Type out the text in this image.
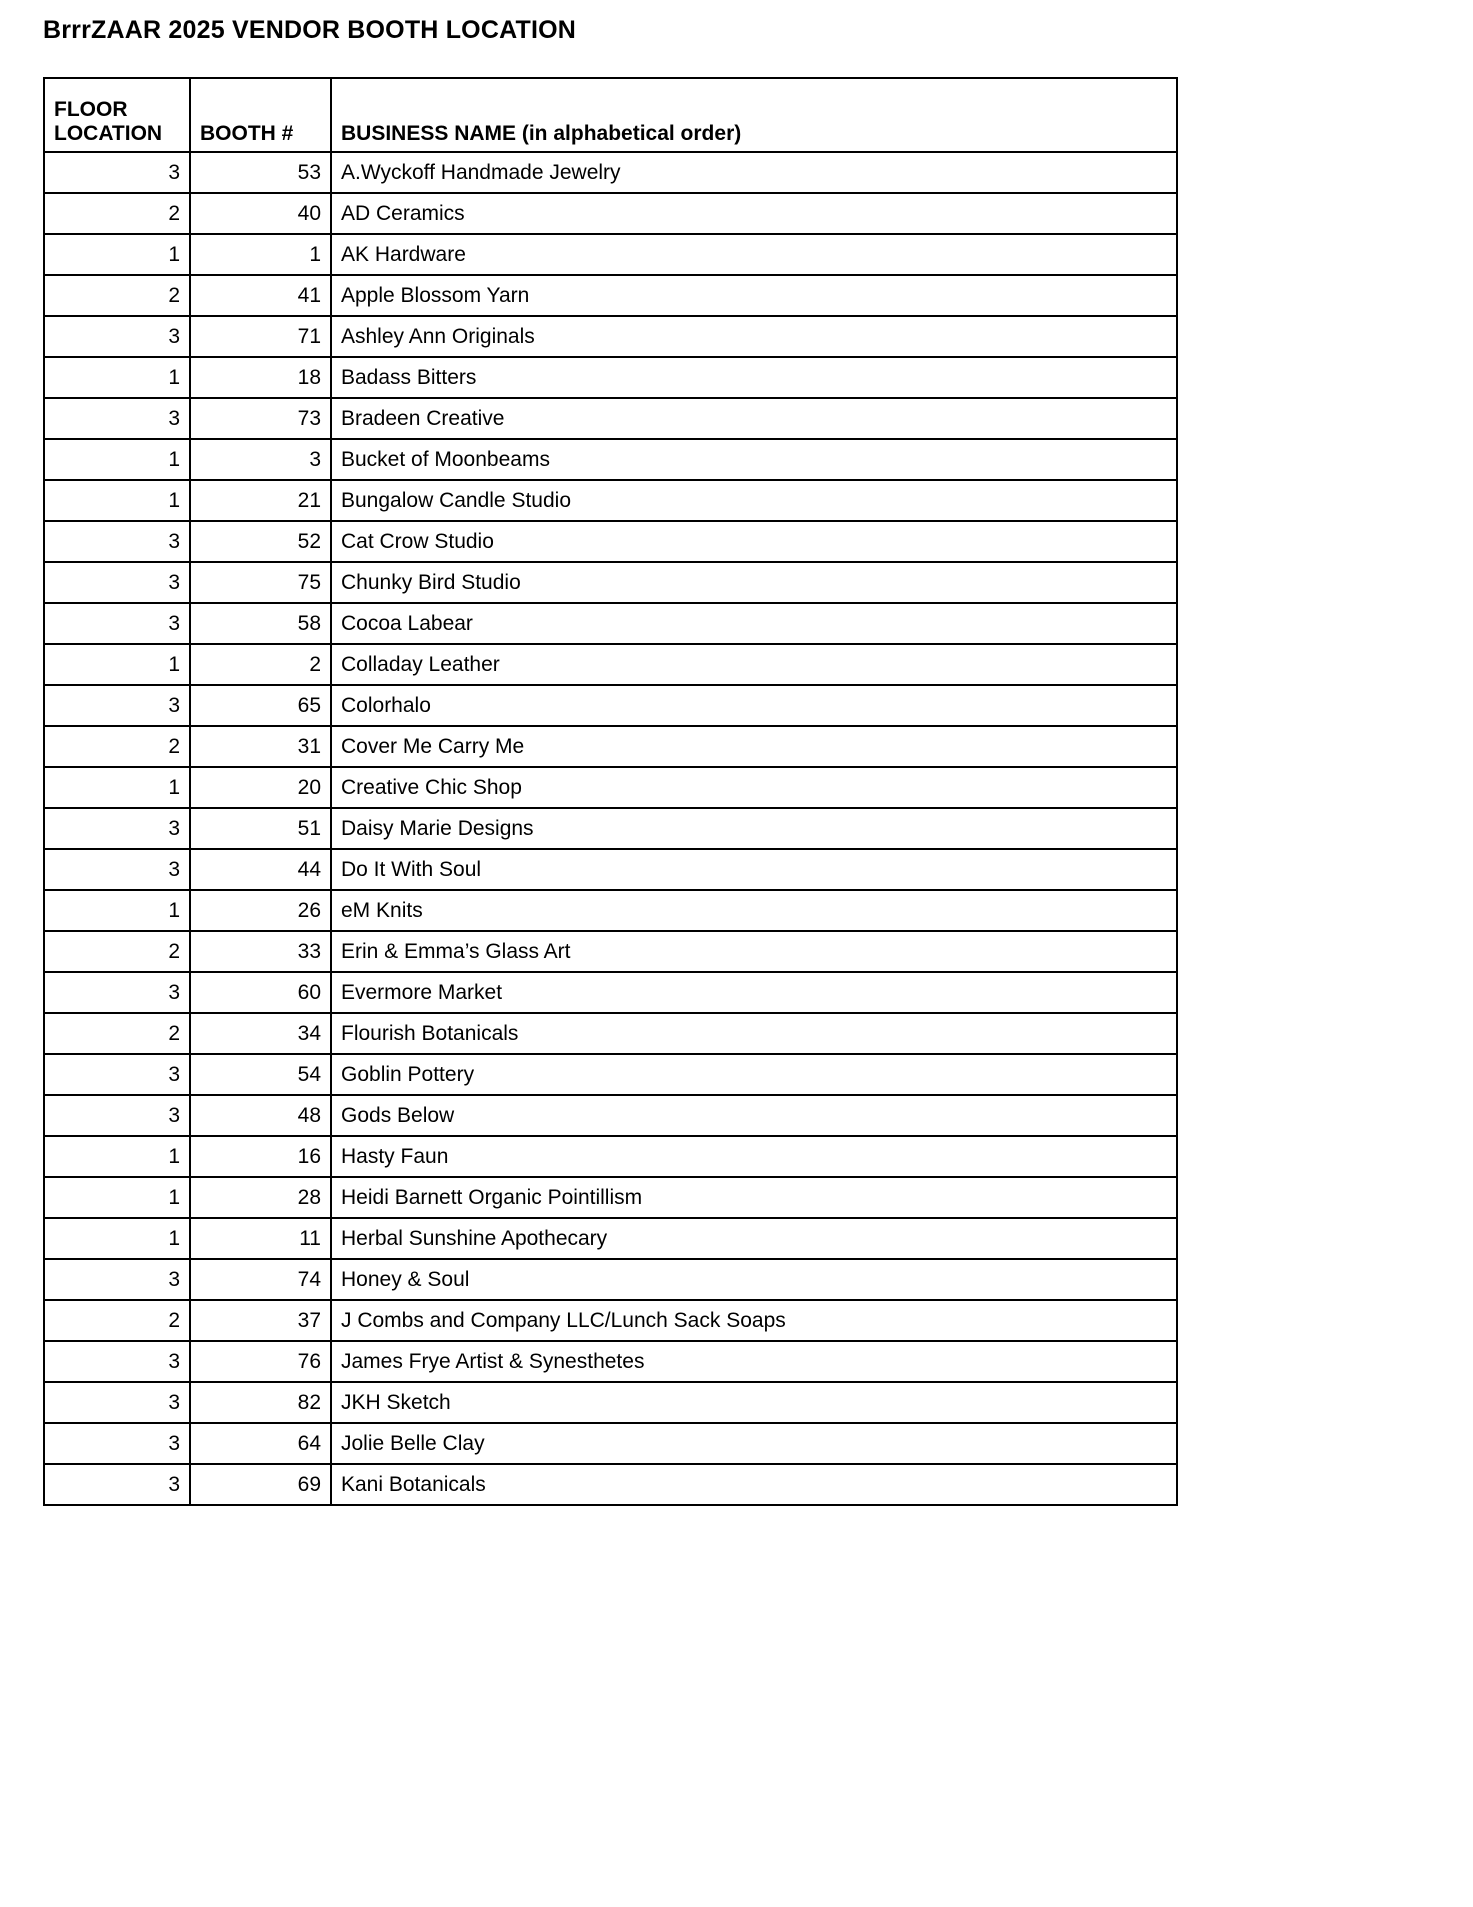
BrrrZAAR 2025 VENDOR BOOTH LOCATION
FLOOR LOCATION	BOOTH #	BUSINESS NAME (in alphabetical order)
3	53	A.Wyckoff Handmade Jewelry
2	40	AD Ceramics
1	1	AK Hardware
2	41	Apple Blossom Yarn
3	71	Ashley Ann Originals
1	18	Badass Bitters
3	73	Bradeen Creative
1	3	Bucket of Moonbeams
1	21	Bungalow Candle Studio
3	52	Cat Crow Studio
3	75	Chunky Bird Studio
3	58	Cocoa Labear
1	2	Colladay Leather
3	65	Colorhalo
2	31	Cover Me Carry Me
1	20	Creative Chic Shop
3	51	Daisy Marie Designs
3	44	Do It With Soul
1	26	eM Knits
2	33	Erin & Emma’s Glass Art
3	60	Evermore Market
2	34	Flourish Botanicals
3	54	Goblin Pottery
3	48	Gods Below
1	16	Hasty Faun
1	28	Heidi Barnett Organic Pointillism
1	11	Herbal Sunshine Apothecary
3	74	Honey & Soul
2	37	J Combs and Company LLC/Lunch Sack Soaps
3	76	James Frye Artist & Synesthetes
3	82	JKH Sketch
3	64	Jolie Belle Clay
3	69	Kani Botanicals
